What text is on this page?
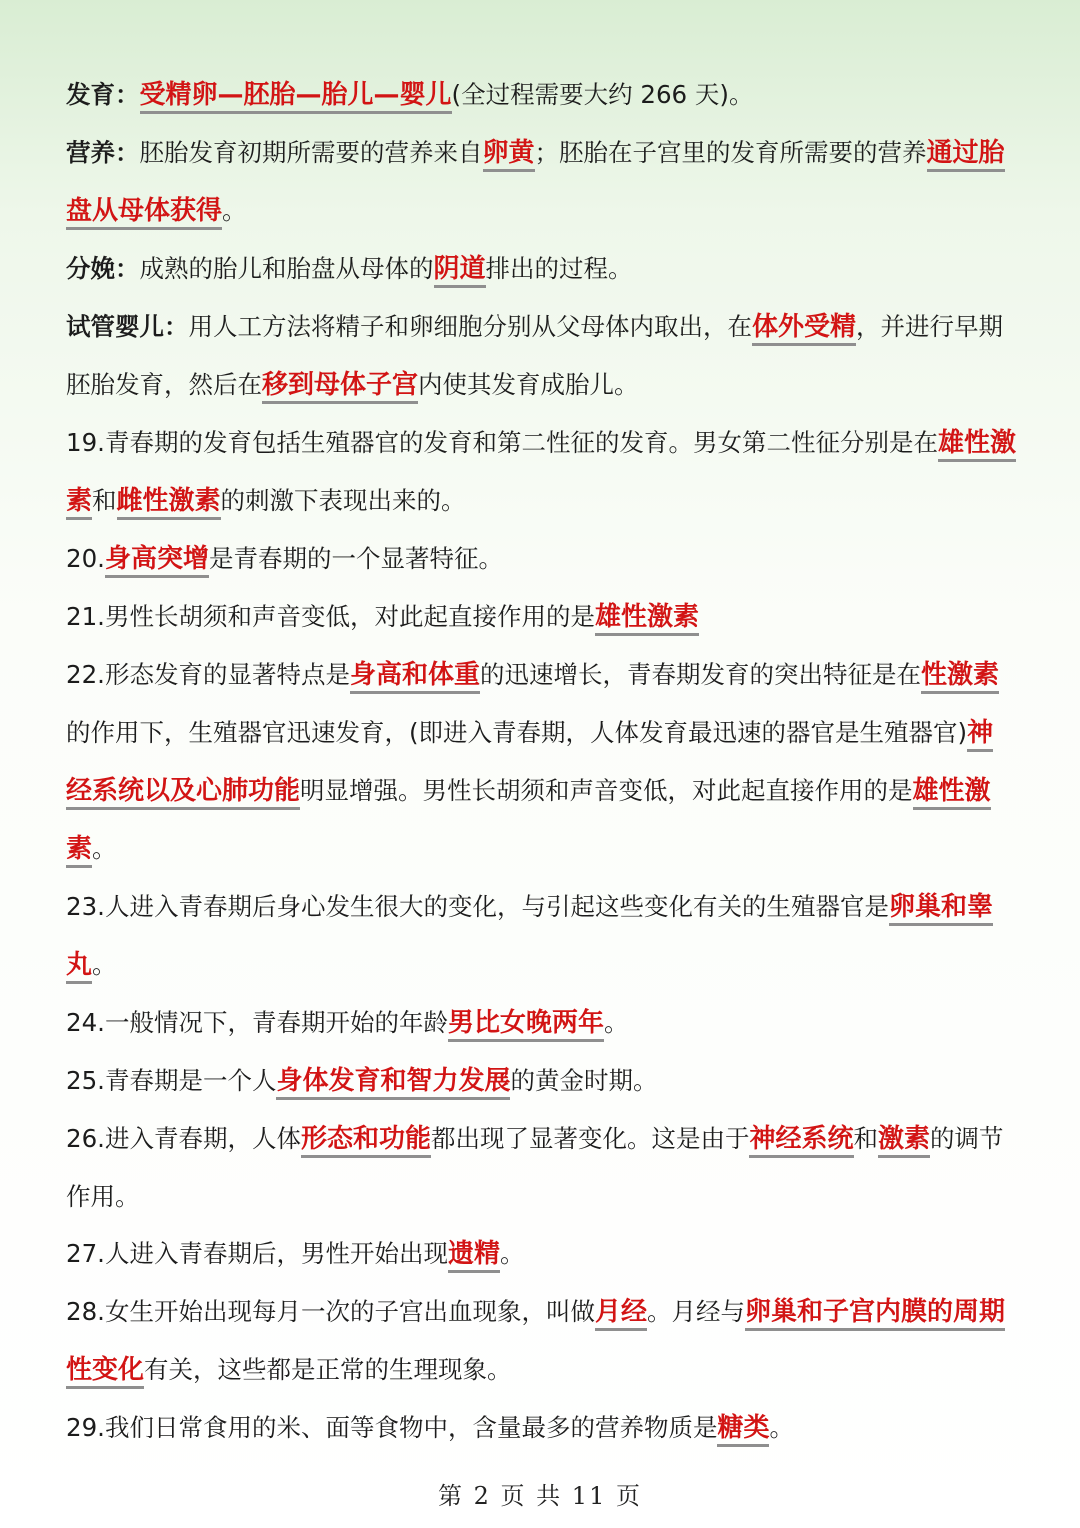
发育：受精卵—胚胎—胎儿—婴儿(全过程需要大约 266 天)。

营养：胚胎发育初期所需要的营养来自卵黄；胚胎在子宫里的发育所需要的营养通过胎盘从母体获得。

分娩：成熟的胎儿和胎盘从母体的阴道排出的过程。

试管婴儿：用人工方法将精子和卵细胞分别从父母体内取出，在体外受精，并进行早期胚胎发育，然后在移到母体子宫内使其发育成胎儿。

19.青春期的发育包括生殖器官的发育和第二性征的发育。男女第二性征分别是在雄性激素和雌性激素的刺激下表现出来的。

20.身高突增是青春期的一个显著特征。

21.男性长胡须和声音变低，对此起直接作用的是雄性激素

22.形态发育的显著特点是身高和体重的迅速增长，青春期发育的突出特征是在性激素的作用下，生殖器官迅速发育，(即进入青春期，人体发育最迅速的器官是生殖器官)神经系统以及心肺功能明显增强。男性长胡须和声音变低，对此起直接作用的是雄性激素。

23.人进入青春期后身心发生很大的变化，与引起这些变化有关的生殖器官是卵巢和睾丸。

24.一般情况下，青春期开始的年龄男比女晚两年。

25.青春期是一个人身体发育和智力发展的黄金时期。

26.进入青春期，人体形态和功能都出现了显著变化。这是由于神经系统和激素的调节作用。

27.人进入青春期后，男性开始出现遗精。

28.女生开始出现每月一次的子宫出血现象，叫做月经。月经与卵巢和子宫内膜的周期性变化有关，这些都是正常的生理现象。

29.我们日常食用的米、面等食物中，含量最多的营养物质是糖类。

第 2 页 共 11 页
